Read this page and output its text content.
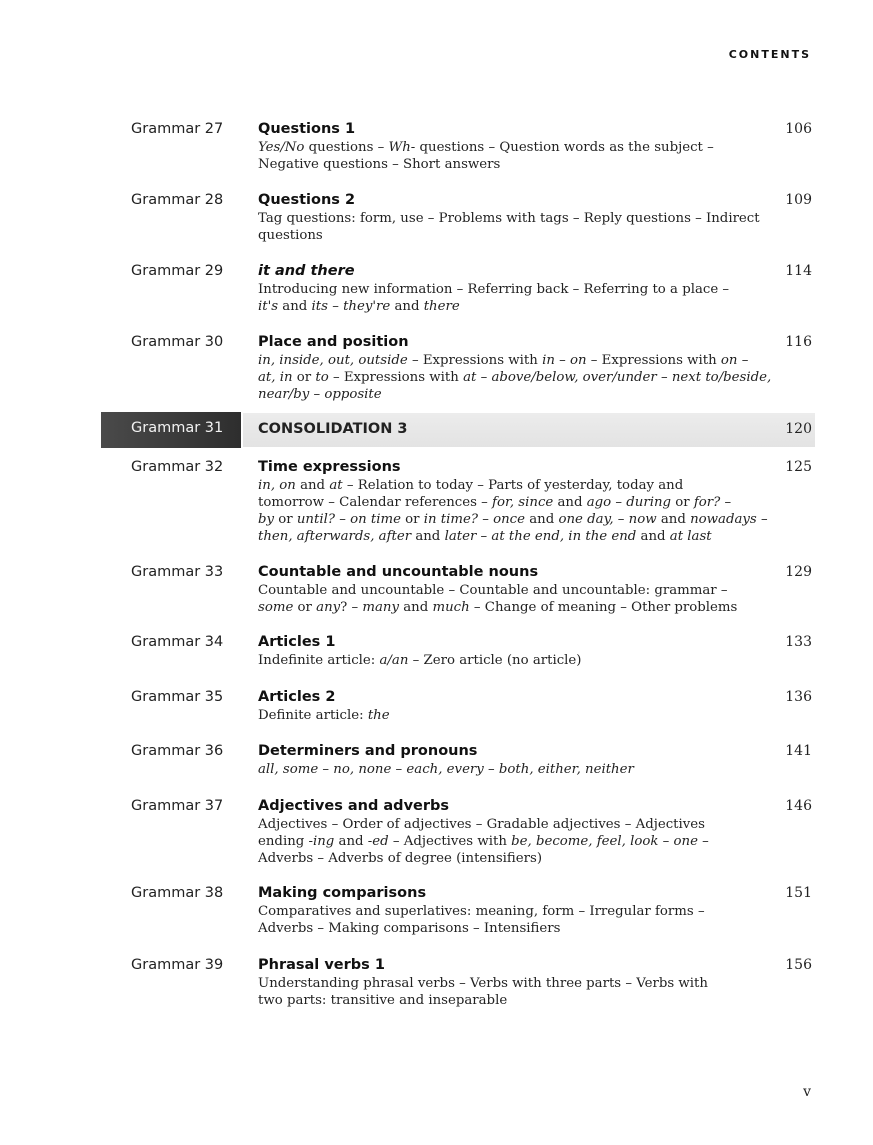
CONTENTS
Grammar 27 Questions 1	106
Yes/No questions – Wh- questions – Question words as the subject –
Negative questions – Short answers
Grammar 28 Questions 2	109
Tag questions: form, use – Problems with tags – Reply questions – Indirect
questions
Grammar 29 it and there	114
Introducing new information – Referring back – Referring to a place –
it's and its – they're and there
Grammar 30 Place and position	116
in, inside, out, outside – Expressions with in – on – Expressions with on –
at, in or to – Expressions with at – above/below, over/under – next to/beside,
near/by – opposite
Grammar 31 CONSOLIDATION 3	120
Grammar 32 Time expressions	125
in, on and at – Relation to today – Parts of yesterday, today and
tomorrow – Calendar references – for, since and ago – during or for? –
by or until? – on time or in time? – once and one day, – now and nowadays –
then, afterwards, after and later – at the end, in the end and at last
Grammar 33 Countable and uncountable nouns	129
Countable and uncountable – Countable and uncountable: grammar –
some or any? – many and much – Change of meaning – Other problems
Grammar 34 Articles 1	133
Indefinite article: a/an – Zero article (no article)
Grammar 35 Articles 2	136
Definite article: the
Grammar 36 Determiners and pronouns	141
all, some – no, none – each, every – both, either, neither
Grammar 37 Adjectives and adverbs	146
Adjectives – Order of adjectives – Gradable adjectives – Adjectives
ending -ing and -ed – Adjectives with be, become, feel, look – one –
Adverbs – Adverbs of degree (intensifiers)
Grammar 38 Making comparisons	151
Comparatives and superlatives: meaning, form – Irregular forms –
Adverbs – Making comparisons – Intensifiers
Grammar 39 Phrasal verbs 1	156
Understanding phrasal verbs – Verbs with three parts – Verbs with
two parts: transitive and inseparable
v
